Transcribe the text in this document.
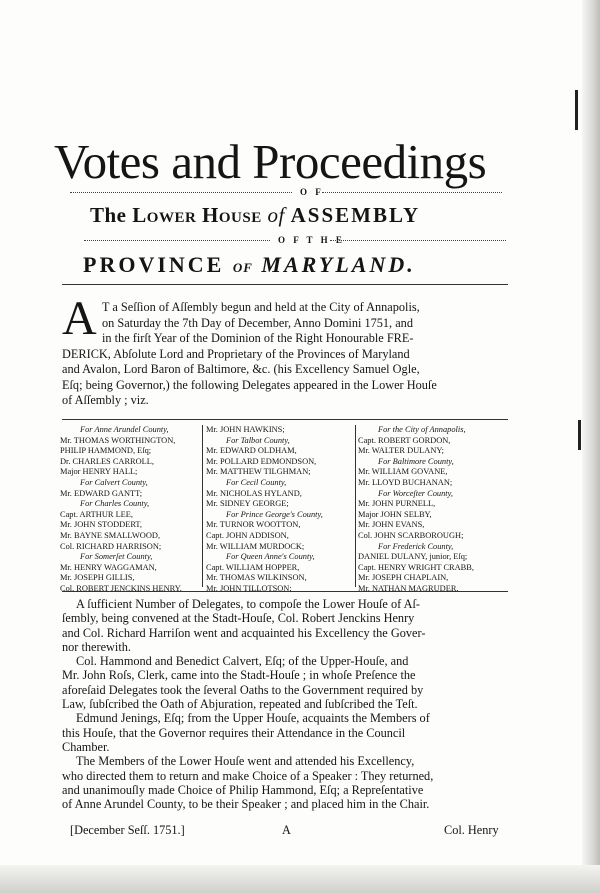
Votes and Proceedings
O F
The LOWER HOUSE of ASSEMBLY
O F T H E
PROVINCE OF MARYLAND.
A T a Seſſion of Aſſembly begun and held at the City of Annapolis,
on Saturday the 7th Day of December, Anno Domini 1751, and
in the firſt Year of the Dominion of the Right Honourable FRE-
DERICK, Abſolute Lord and Proprietary of the Provinces of Maryland
and Avalon, Lord Baron of Baltimore, &c. (his Excellency Samuel Ogle,
Eſq; being Governor,) the following Delegates appeared in the Lower Houſe
of Aſſembly ; viz.
For Anne Arundel County,
Mr. THOMAS WORTHINGTON,
PHILIP HAMMOND, Eſq;
Dr. CHARLES CARROLL,
Major HENRY HALL;
For Calvert County,
Mr. EDWARD GANTT;
For Charles County,
Capt. ARTHUR LEE,
Mr. JOHN STODDERT,
Mr. BAYNE SMALLWOOD,
Col. RICHARD HARRISON;
For Somerſet County,
Mr. HENRY WAGGAMAN,
Mr. JOSEPH GILLIS,
Col. ROBERT JENCKINS HENRY,
Mr. JOHN HAWKINS;
For Talbot County,
Mr. EDWARD OLDHAM,
Mr. POLLARD EDMONDSON,
Mr. MATTHEW TILGHMAN;
For Cecil County,
Mr. NICHOLAS HYLAND,
Mr. SIDNEY GEORGE;
For Prince George's County,
Mr. TURNOR WOOTTON,
Capt. JOHN ADDISON,
Mr. WILLIAM MURDOCK;
For Queen Anne's County,
Capt. WILLIAM HOPPER,
Mr. THOMAS WILKINSON,
Mr. JOHN TILLOTSON;
For the City of Annapolis,
Capt. ROBERT GORDON,
Mr. WALTER DULANY;
For Baltimore County,
Mr. WILLIAM GOVANE,
Mr. LLOYD BUCHANAN;
For Worceſter County,
Mr. JOHN PURNELL,
Major JOHN SELBY,
Mr. JOHN EVANS,
Col. JOHN SCARBOROUGH;
For Frederick County,
DANIEL DULANY, junior, Eſq;
Capt. HENRY WRIGHT CRABB,
Mr. JOSEPH CHAPLAIN,
Mr. NATHAN MAGRUDER.
A ſufficient Number of Delegates, to compoſe the Lower Houſe of Aſ-
ſembly, being convened at the Stadt-Houſe, Col. Robert Jenckins Henry
and Col. Richard Harriſon went and acquainted his Excellency the Gover-
nor therewith.
Col. Hammond and Benedict Calvert, Eſq; of the Upper-Houſe, and
Mr. John Roſs, Clerk, came into the Stadt-Houſe ; in whoſe Preſence the
aforeſaid Delegates took the ſeveral Oaths to the Government required by
Law, ſubſcribed the Oath of Abjuration, repeated and ſubſcribed the Teſt.
Edmund Jenings, Eſq; from the Upper Houſe, acquaints the Members of
this Houſe, that the Governor requires their Attendance in the Council
Chamber.
The Members of the Lower Houſe went and attended his Excellency,
who directed them to return and make Choice of a Speaker : They returned,
and unanimouſly made Choice of Philip Hammond, Eſq; a Repreſentative
of Anne Arundel County, to be their Speaker ; and placed him in the Chair.
[December Seſſ. 1751.]	A	Col. Henry
